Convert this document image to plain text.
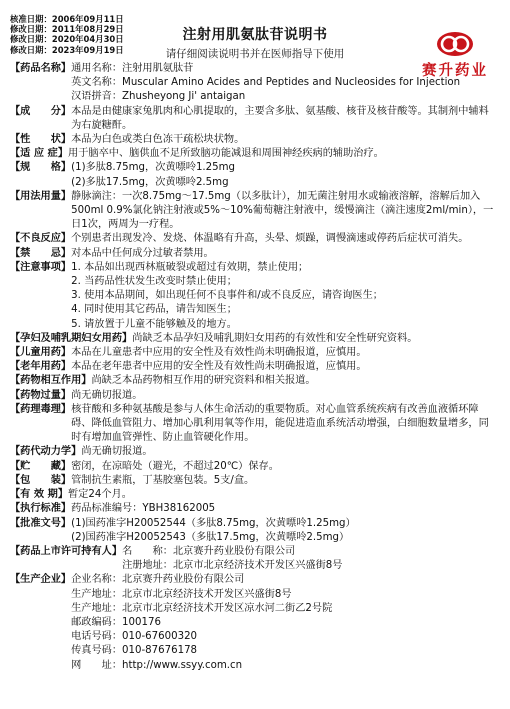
核准日期：2006年09月11日
修改日期：2011年08月29日
修改日期：2020年04月30日
修改日期：2023年09月19日
注射用肌氨肽苷说明书
请仔细阅读说明书并在医师指导下使用
赛升药业
【药品名称】 通用名称：注射用肌氨肽苷
英文名称：Muscular Amino Acides and Peptides and Nucleosides for Injection
汉语拼音：Zhusheyong Ji' antaigan
【成　　分】 本品是由健康家兔肌肉和心肌提取的，主要含多肽、氨基酸、核苷及核苷酸等。其制剂中辅料为右旋糖酐。
【性　　状】 本品为白色或类白色冻干疏松块状物。
【适 应 症】 用于脑卒中、脑供血不足所致脑功能减退和周围神经疾病的辅助治疗。
【规　　格】 (1)多肽8.75mg，次黄嘌呤1.25mg
(2)多肽17.5mg，次黄嘌呤2.5mg
【用法用量】 静脉滴注：一次8.75mg～17.5mg（以多肽计），加无菌注射用水或输液溶解，溶解后加入500ml 0.9%氯化钠注射液或5%～10%葡萄糖注射液中，缓慢滴注（滴注速度2ml/min），一日1次，两周为一疗程。
【不良反应】 个别患者出现发冷、发烧、体温略有升高，头晕、烦躁，调慢滴速或停药后症状可消失。
【禁　　忌】 对本品中任何成分过敏者禁用。
【注意事项】 1. 本品如出现西林瓶破裂或超过有效期，禁止使用；
2. 当药品性状发生改变时禁止使用；
3. 使用本品期间，如出现任何不良事件和/或不良反应，请咨询医生；
4. 同时使用其它药品，请告知医生；
5. 请放置于儿童不能够触及的地方。
【孕妇及哺乳期妇女用药】尚缺乏本品孕妇及哺乳期妇女用药的有效性和安全性研究资料。
【儿童用药】本品在儿童患者中应用的安全性及有效性尚未明确报道，应慎用。
【老年用药】本品在老年患者中应用的安全性及有效性尚未明确报道，应慎用。
【药物相互作用】尚缺乏本品药物相互作用的研究资料和相关报道。
【药物过量】尚无确切报道。
【药理毒理】 核苷酸和多种氨基酸是参与人体生命活动的重要物质。对心血管系统疾病有改善血液循环障碍、降低血管阻力、增加心肌利用氧等作用，能促进造血系统活动增强，白细胞数量增多，同时有增加血管弹性、防止血管硬化作用。
【药代动力学】尚无确切报道。
【贮　　藏】 密闭，在凉暗处（避光，不超过20℃）保存。
【包　　装】 管制抗生素瓶，丁基胶塞包装。5支/盒。
【有 效 期】 暂定24个月。
【执行标准】 药品标准编号：YBH38162005
【批准文号】 (1)国药准字H20052544（多肽8.75mg，次黄嘌呤1.25mg）
(2)国药准字H20052543（多肽17.5mg，次黄嘌呤2.5mg）
【药品上市许可持有人】 名　　称：北京赛升药业股份有限公司
注册地址：北京市北京经济技术开发区兴盛街8号
【生产企业】 企业名称：北京赛升药业股份有限公司
生产地址：北京市北京经济技术开发区兴盛街8号
生产地址：北京市北京经济技术开发区凉水河二街乙2号院
邮政编码：100176
电话号码：010-67600320
传真号码：010-87676178
网　　址：http://www.ssyy.com.cn
